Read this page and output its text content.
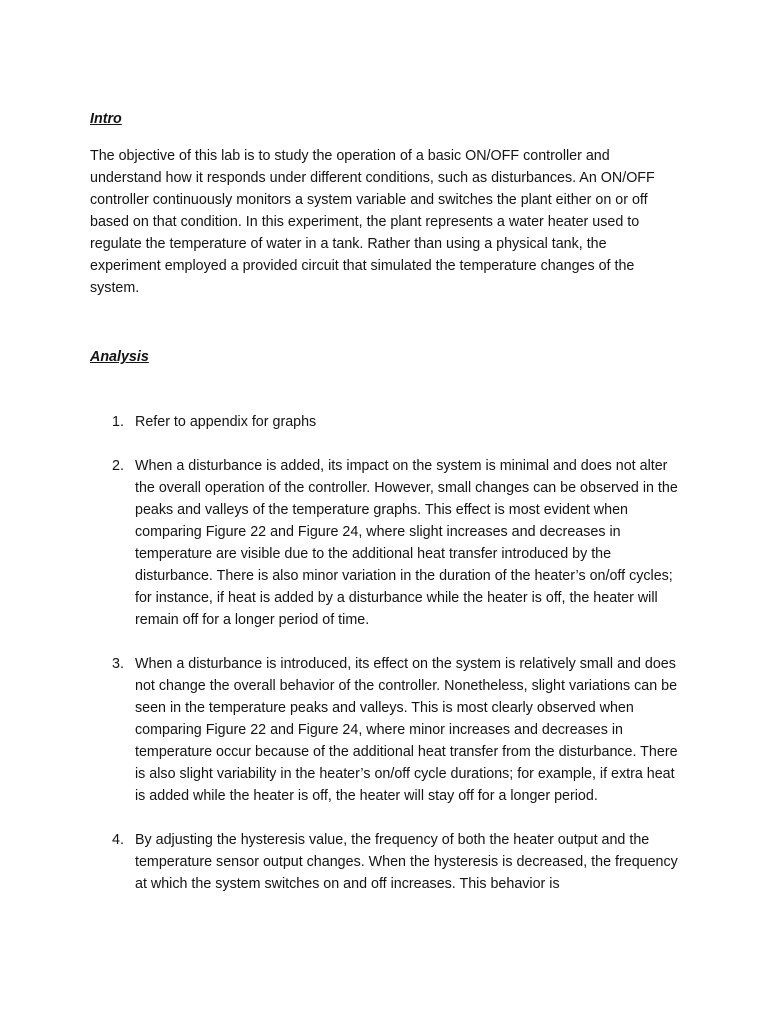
Intro

The objective of this lab is to study the operation of a basic ON/OFF controller and understand how it responds under different conditions, such as disturbances. An ON/OFF controller continuously monitors a system variable and switches the plant either on or off based on that condition. In this experiment, the plant represents a water heater used to regulate the temperature of water in a tank. Rather than using a physical tank, the experiment employed a provided circuit that simulated the temperature changes of the system.

Analysis

1. Refer to appendix for graphs
2. When a disturbance is added, its impact on the system is minimal and does not alter the overall operation of the controller. However, small changes can be observed in the peaks and valleys of the temperature graphs. This effect is most evident when comparing Figure 22 and Figure 24, where slight increases and decreases in temperature are visible due to the additional heat transfer introduced by the disturbance. There is also minor variation in the duration of the heater’s on/off cycles; for instance, if heat is added by a disturbance while the heater is off, the heater will remain off for a longer period of time.
3. When a disturbance is introduced, its effect on the system is relatively small and does not change the overall behavior of the controller. Nonetheless, slight variations can be seen in the temperature peaks and valleys. This is most clearly observed when comparing Figure 22 and Figure 24, where minor increases and decreases in temperature occur because of the additional heat transfer from the disturbance. There is also slight variability in the heater’s on/off cycle durations; for example, if extra heat is added while the heater is off, the heater will stay off for a longer period.
4. By adjusting the hysteresis value, the frequency of both the heater output and the temperature sensor output changes. When the hysteresis is decreased, the frequency at which the system switches on and off increases. This behavior is
